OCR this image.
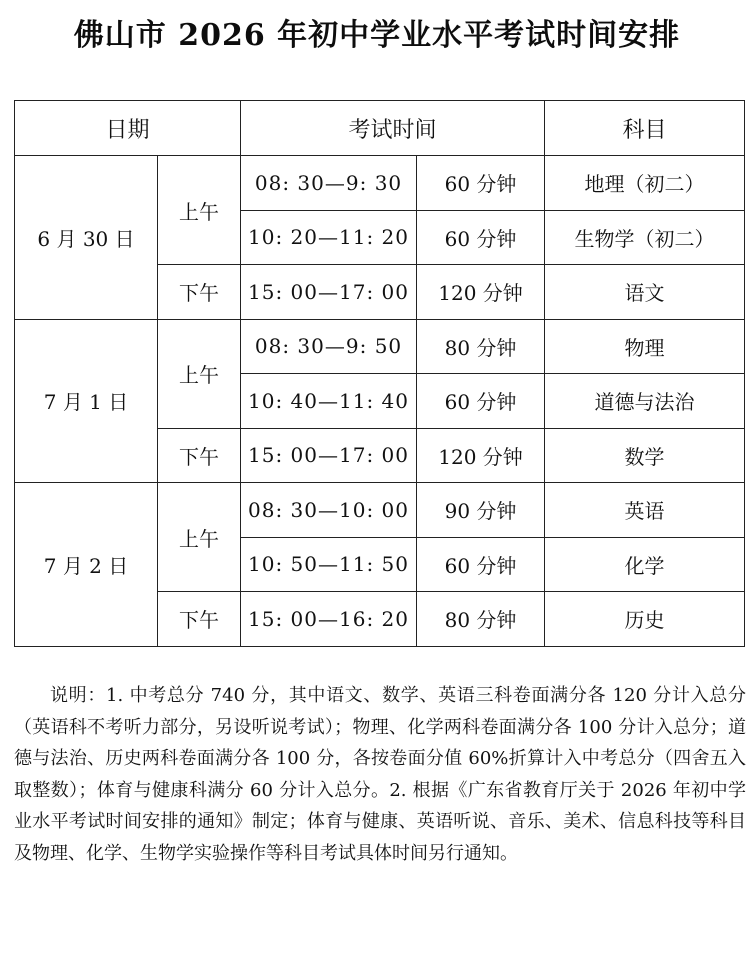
佛山市 2026 年初中学业水平考试时间安排
日期		考试时间		科目
6 月 30 日	上午	08: 30—9: 30	60 分钟	地理（初二）
		10: 20—11: 20	60 分钟	生物学（初二）
	下午	15: 00—17: 00	120 分钟	语文
7 月 1 日	上午	08: 30—9: 50	80 分钟	物理
		10: 40—11: 40	60 分钟	道德与法治
	下午	15: 00—17: 00	120 分钟	数学
7 月 2 日	上午	08: 30—10: 00	90 分钟	英语
		10: 50—11: 50	60 分钟	化学
	下午	15: 00—16: 20	80 分钟	历史

说明：1. 中考总分 740 分，其中语文、数学、英语三科卷面满分各 120 分计入总分（英语科不考听力部分，另设听说考试）；物理、化学两科卷面满分各 100 分计入总分；道德与法治、历史两科卷面满分各 100 分，各按卷面分值 60%折算计入中考总分（四舍五入取整数）；体育与健康科满分 60 分计入总分。2. 根据《广东省教育厅关于 2026 年初中学业水平考试时间安排的通知》制定；体育与健康、英语听说、音乐、美术、信息科技等科目及物理、化学、生物学实验操作等科目考试具体时间另行通知。
